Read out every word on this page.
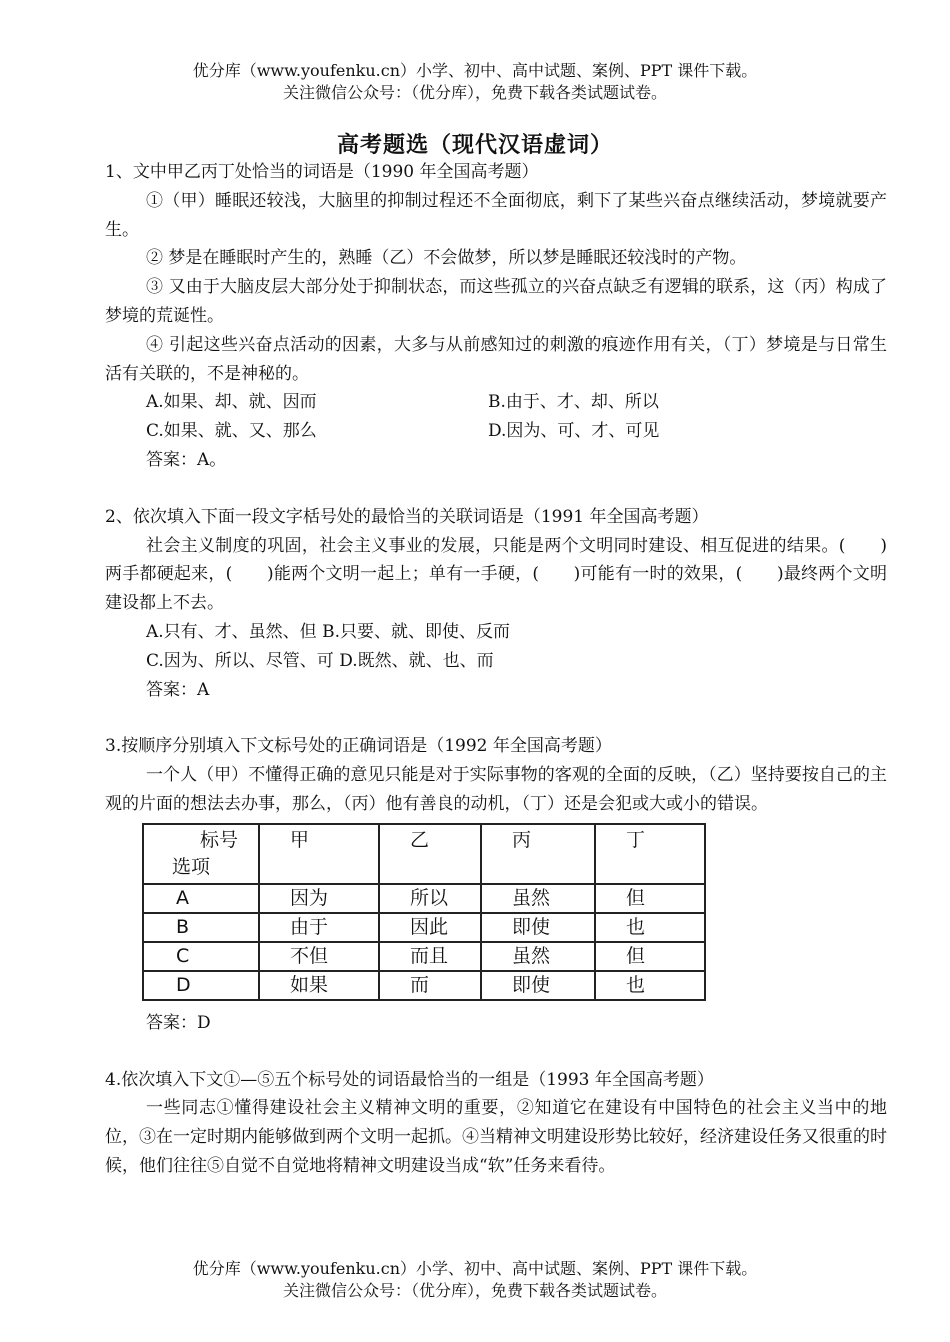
优分库（www.youfenku.cn）小学、初中、高中试题、案例、PPT 课件下载。
关注微信公众号：（优分库），免费下载各类试题试卷。
高考题选（现代汉语虚词）

1、文中甲乙丙丁处恰当的词语是（1990 年全国高考题）

①（甲）睡眠还较浅，大脑里的抑制过程还不全面彻底，剩下了某些兴奋点继续活动，梦境就要产生。

② 梦是在睡眠时产生的，熟睡（乙）不会做梦，所以梦是睡眠还较浅时的产物。

③ 又由于大脑皮层大部分处于抑制状态，而这些孤立的兴奋点缺乏有逻辑的联系，这（丙）构成了梦境的荒诞性。

④ 引起这些兴奋点活动的因素，大多与从前感知过的刺激的痕迹作用有关，（丁）梦境是与日常生活有关联的，不是神秘的。

A.如果、却、就、因而	B.由于、才、却、所以
C.如果、就、又、那么	D.因为、可、才、可见

答案：A。

2、依次填入下面一段文字栝号处的最恰当的关联词语是（1991 年全国高考题）

社会主义制度的巩固，社会主义事业的发展，只能是两个文明同时建设、相互促进的结果。(　　)两手都硬起来，(　　)能两个文明一起上；单有一手硬，(　　)可能有一时的效果，(　　)最终两个文明建设都上不去。

A.只有、才、虽然、但 B.只要、就、即使、反而

C.因为、所以、尽管、可 D.既然、就、也、而

答案：A

3.按顺序分别填入下文标号处的正确词语是（1992 年全国高考题）

一个人（甲）不懂得正确的意见只能是对于实际事物的客观的全面的反映，（乙）坚持要按自己的主观的片面的想法去办事，那么，（丙）他有善良的动机，（丁）还是会犯或大或小的错误。

标号
选项	甲	乙	丙	丁
A	因为	所以	虽然	但
B	由于	因此	即使	也
C	不但	而且	虽然	但
D	如果	而	即使	也

答案：D

4.依次填入下文①—⑤五个标号处的词语最恰当的一组是（1993 年全国高考题）

一些同志①懂得建设社会主义精神文明的重要，②知道它在建设有中国特色的社会主义当中的地位，③在一定时期内能够做到两个文明一起抓。④当精神文明建设形势比较好，经济建设任务又很重的时候，他们往往⑤自觉不自觉地将精神文明建设当成“软”任务来看待。

优分库（www.youfenku.cn）小学、初中、高中试题、案例、PPT 课件下载。
关注微信公众号：（优分库），免费下载各类试题试卷。
